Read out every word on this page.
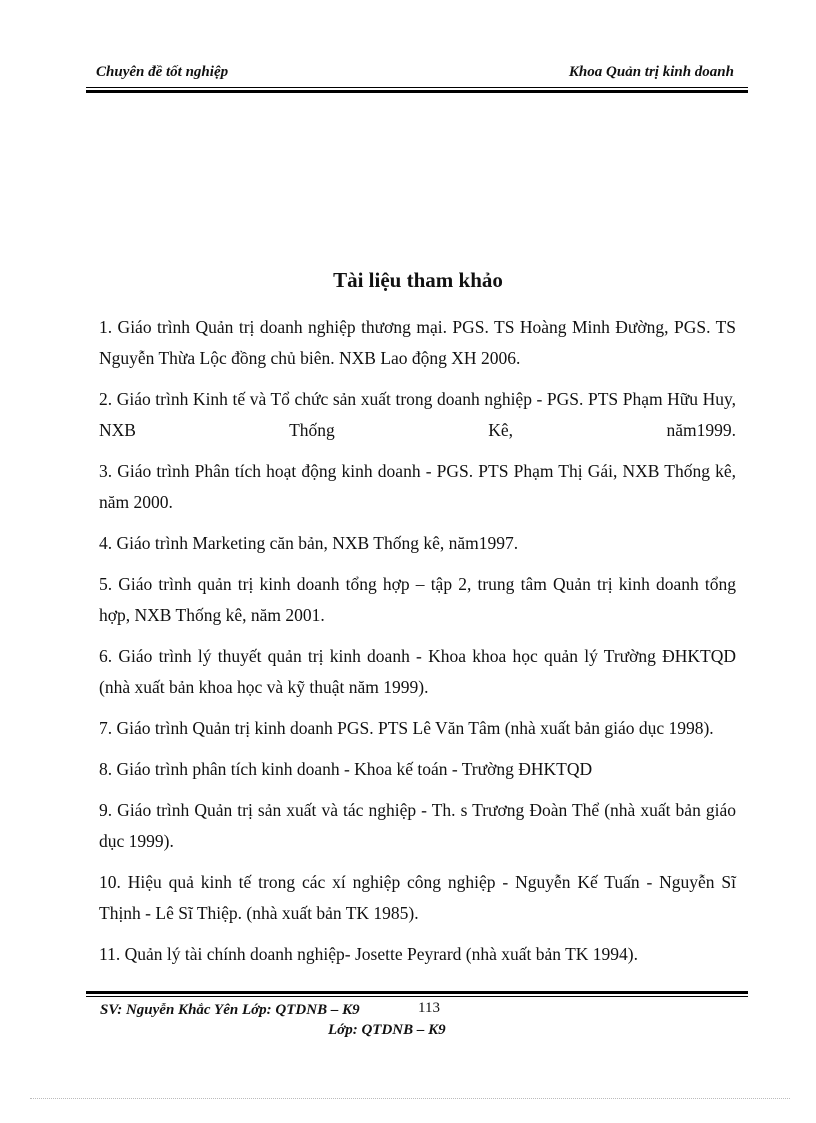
Chuyên đề tốt nghiệp	Khoa Quản trị kinh doanh
Tài liệu tham khảo

1. Giáo trình Quản trị doanh nghiệp thương mại. PGS. TS Hoàng Minh Đường, PGS. TS Nguyễn Thừa Lộc đồng chủ biên. NXB Lao động XH 2006.

2. Giáo trình Kinh tế và Tổ chức sản xuất trong doanh nghiệp - PGS. PTS Phạm Hữu Huy, NXB Thống Kê, năm1999.

3. Giáo trình Phân tích hoạt động kinh doanh - PGS. PTS Phạm Thị Gái, NXB Thống kê, năm 2000.

4. Giáo trình Marketing căn bản, NXB Thống kê, năm1997.

5. Giáo trình quản trị kinh doanh tổng hợp – tập 2, trung tâm Quản trị kinh doanh tổng hợp, NXB Thống kê, năm 2001.

6. Giáo trình lý thuyết quản trị kinh doanh - Khoa khoa học quản lý Trường ĐHKTQD (nhà xuất bản khoa học và kỹ thuật năm 1999).

7. Giáo trình Quản trị kinh doanh PGS. PTS Lê Văn Tâm (nhà xuất bản giáo dục 1998).

8. Giáo trình phân tích kinh doanh - Khoa kế toán - Trường ĐHKTQD

9. Giáo trình Quản trị sản xuất và tác nghiệp - Th. s Trương Đoàn Thể (nhà xuất bản giáo dục 1999).

10. Hiệu quả kinh tế trong các xí nghiệp công nghiệp - Nguyễn Kế Tuấn - Nguyễn Sĩ Thịnh - Lê Sĩ Thiệp. (nhà xuất bản TK 1985).

11. Quản lý tài chính doanh nghiệp- Josette Peyrard (nhà xuất bản TK 1994).

SV: Nguyễn Khắc Yên Lớp: QTDNB – K9	113
Lớp: QTDNB – K9
